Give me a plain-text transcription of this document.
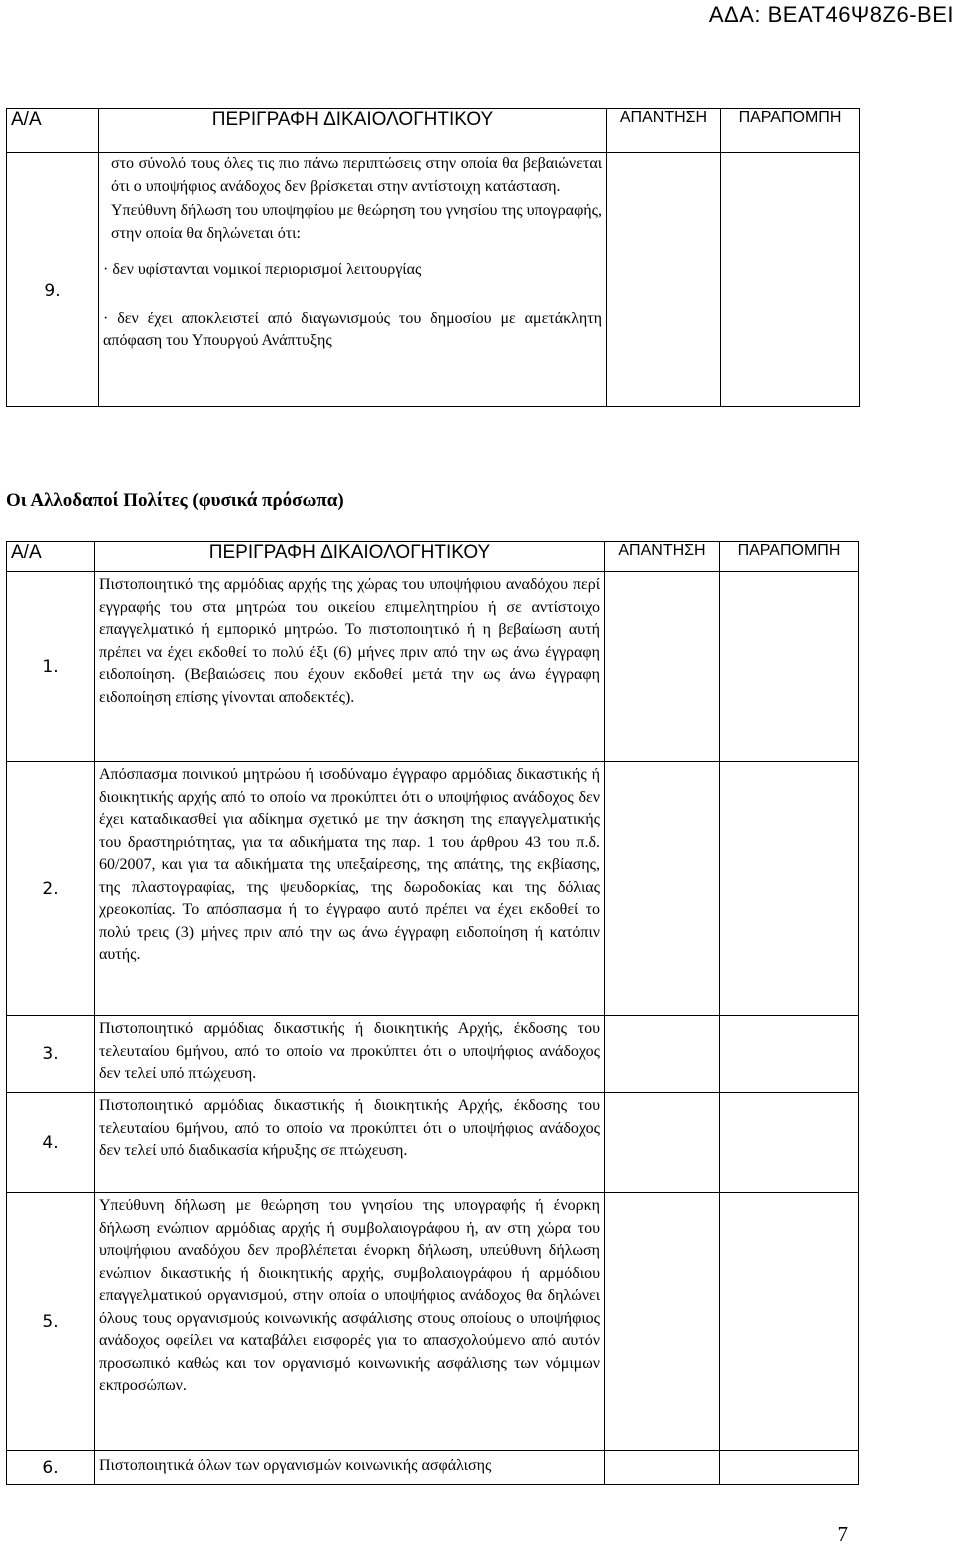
ΑΔΑ: ΒΕΑΤ46Ψ8Ζ6-ΒΕΙ
Α/Α	ΠΕΡΙΓΡΑΦΗ ΔΙΚΑΙΟΛΟΓΗΤΙΚΟΥ	ΑΠΑΝΤΗΣΗ	ΠΑΡΑΠΟΜΠΗ
9.	στο σύνολό τους όλες τις πιο πάνω περιπτώσεις στην οποία θα βεβαιώνεται ότι ο υποψήφιος ανάδοχος δεν βρίσκεται στην αντίστοιχη κατάσταση.

Υπεύθυνη δήλωση του υποψηφίου με θεώρηση του γνησίου της υπογραφής, στην οποία θα δηλώνεται ότι:

· δεν υφίστανται νομικοί περιορισμοί λειτουργίας

· δεν έχει αποκλειστεί από διαγωνισμούς του δημοσίου με αμετάκλητη απόφαση του Υπουργού Ανάπτυξης		

Οι Αλλοδαποί Πολίτες (φυσικά πρόσωπα)
Α/Α	ΠΕΡΙΓΡΑΦΗ ΔΙΚΑΙΟΛΟΓΗΤΙΚΟΥ	ΑΠΑΝΤΗΣΗ	ΠΑΡΑΠΟΜΠΗ
1.	Πιστοποιητικό της αρμόδιας αρχής της χώρας του υποψήφιου αναδόχου περί εγγραφής του στα μητρώα του οικείου επιμελητηρίου ή σε αντίστοιχο επαγγελματικό ή εμπορικό μητρώο. Το πιστοποιητικό ή η βεβαίωση αυτή πρέπει να έχει εκδοθεί το πολύ έξι (6) μήνες πριν από την ως άνω έγγραφη ειδοποίηση. (Βεβαιώσεις που έχουν εκδοθεί μετά την ως άνω έγγραφη ειδοποίηση επίσης γίνονται αποδεκτές).		
2.	Απόσπασμα ποινικού μητρώου ή ισοδύναμο έγγραφο αρμόδιας δικαστικής ή διοικητικής αρχής από το οποίο να προκύπτει ότι ο υποψήφιος ανάδοχος δεν έχει καταδικασθεί για αδίκημα σχετικό με την άσκηση της επαγγελματικής του δραστηριότητας, για τα αδικήματα της παρ. 1 του άρθρου 43 του π.δ. 60/2007, και για τα αδικήματα της υπεξαίρεσης, της απάτης, της εκβίασης, της πλαστογραφίας, της ψευδορκίας, της δωροδοκίας και της δόλιας χρεοκοπίας. Το απόσπασμα ή το έγγραφο αυτό πρέπει να έχει εκδοθεί το πολύ τρεις (3) μήνες πριν από την ως άνω έγγραφη ειδοποίηση ή κατόπιν αυτής.		
3.	Πιστοποιητικό αρμόδιας δικαστικής ή διοικητικής Αρχής, έκδοσης του τελευταίου 6μήνου, από το οποίο να προκύπτει ότι ο υποψήφιος ανάδοχος δεν τελεί υπό πτώχευση.		
4.	Πιστοποιητικό αρμόδιας δικαστικής ή διοικητικής Αρχής, έκδοσης του τελευταίου 6μήνου, από το οποίο να προκύπτει ότι ο υποψήφιος ανάδοχος δεν τελεί υπό διαδικασία κήρυξης σε πτώχευση.		
5.	Υπεύθυνη δήλωση με θεώρηση του γνησίου της υπογραφής ή ένορκη δήλωση ενώπιον αρμόδιας αρχής ή συμβολαιογράφου ή, αν στη χώρα του υποψήφιου αναδόχου δεν προβλέπεται ένορκη δήλωση, υπεύθυνη δήλωση ενώπιον δικαστικής ή διοικητικής αρχής, συμβολαιογράφου ή αρμόδιου επαγγελματικού οργανισμού, στην οποία ο υποψήφιος ανάδοχος θα δηλώνει όλους τους οργανισμούς κοινωνικής ασφάλισης στους οποίους ο υποψήφιος ανάδοχος οφείλει να καταβάλει εισφορές για το απασχολούμενο από αυτόν προσωπικό καθώς και τον οργανισμό κοινωνικής ασφάλισης των νόμιμων εκπροσώπων.		
6.	Πιστοποιητικά όλων των οργανισμών κοινωνικής ασφάλισης		
7
